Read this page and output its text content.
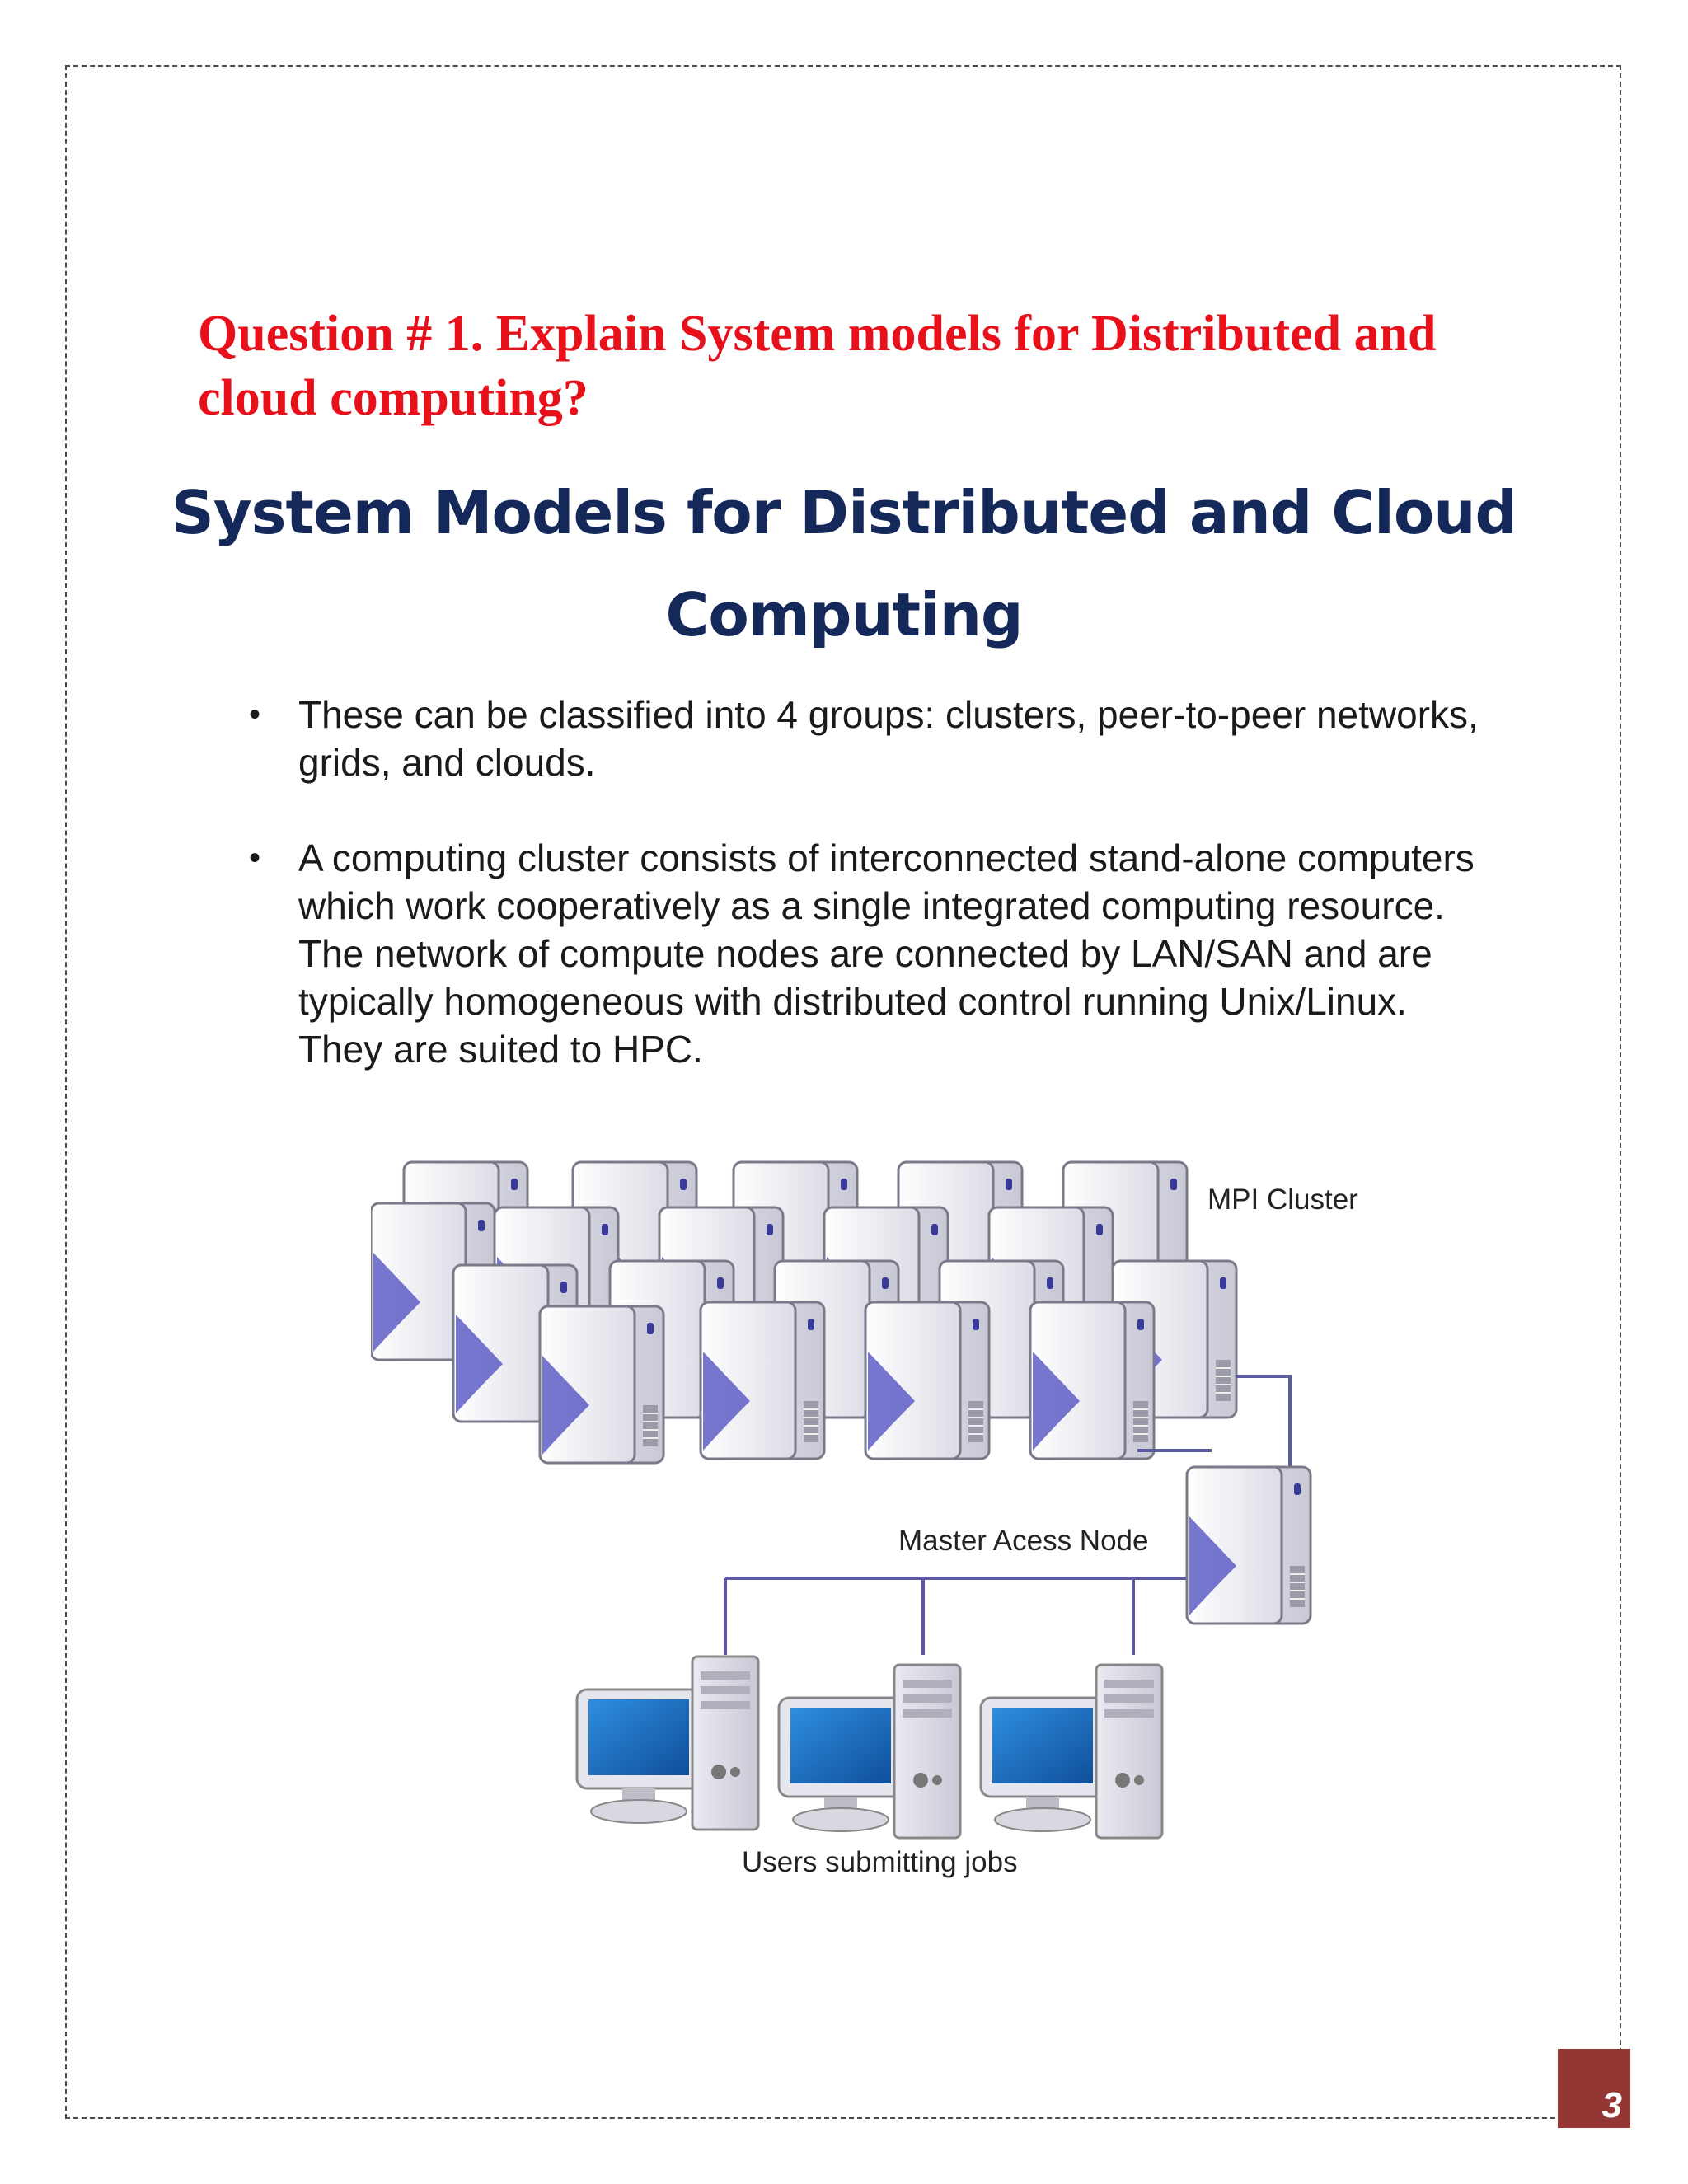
Question # 1. Explain System models for Distributed and cloud computing?
System Models for Distributed and Cloud
Computing
• These can be classified into 4 groups: clusters, peer-to-peer networks, grids, and clouds.
• A computing cluster consists of interconnected stand-alone computers which work cooperatively as a single integrated computing resource. The network of compute nodes are connected by LAN/SAN and are typically homogeneous with distributed control running Unix/Linux. They are suited to HPC.
MPI Cluster
Master Acess Node
Users submitting jobs
3
